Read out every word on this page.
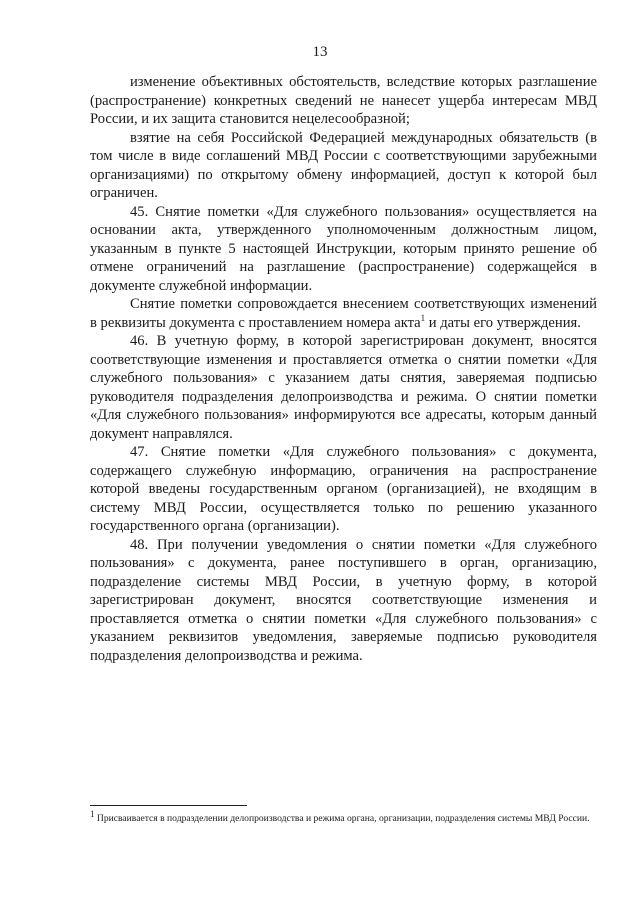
13

изменение объективных обстоятельств, вследствие которых разглашение (распространение) конкретных сведений не нанесет ущерба интересам МВД России, и их защита становится нецелесообразной;

взятие на себя Российской Федерацией международных обязательств (в том числе в виде соглашений МВД России с соответствующими зарубежными организациями) по открытому обмену информацией, доступ к которой был ограничен.

45. Снятие пометки «Для служебного пользования» осуществляется на основании акта, утвержденного уполномоченным должностным лицом, указанным в пункте 5 настоящей Инструкции, которым принято решение об отмене ограничений на разглашение (распространение) содержащейся в документе служебной информации.

Снятие пометки сопровождается внесением соответствующих изменений в реквизиты документа с проставлением номера акта$^1$ и даты его утверждения.

46. В учетную форму, в которой зарегистрирован документ, вносятся соответствующие изменения и проставляется отметка о снятии пометки «Для служебного пользования» с указанием даты снятия, заверяемая подписью руководителя подразделения делопроизводства и режима. О снятии пометки «Для служебного пользования» информируются все адресаты, которым данный документ направлялся.

47. Снятие пометки «Для служебного пользования» с документа, содержащего служебную информацию, ограничения на распространение которой введены государственным органом (организацией), не входящим в систему МВД России, осуществляется только по решению указанного государственного органа (организации).

48. При получении уведомления о снятии пометки «Для служебного пользования» с документа, ранее поступившего в орган, организацию, подразделение системы МВД России, в учетную форму, в которой зарегистрирован документ, вносятся соответствующие изменения и проставляется отметка о снятии пометки «Для служебного пользования» с указанием реквизитов уведомления, заверяемые подписью руководителя подразделения делопроизводства и режима.

$^1$ Присваивается в подразделении делопроизводства и режима органа, организации, подразделения системы МВД России.
